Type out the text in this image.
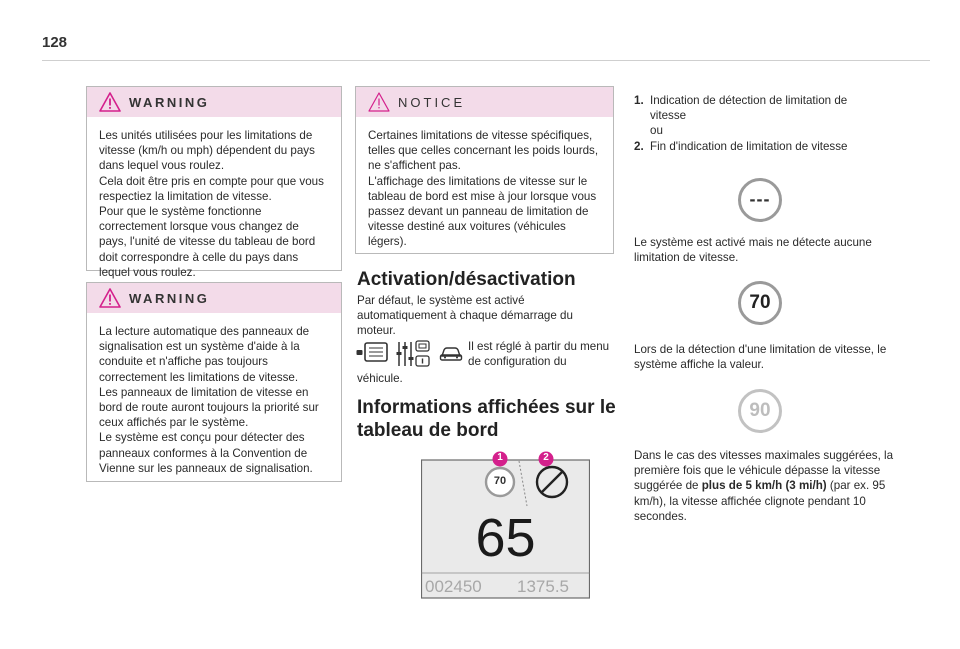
128
WARNING

Les unités utilisées pour les limitations de vitesse (km/h ou mph) dépendent du pays dans lequel vous roulez.

Cela doit être pris en compte pour que vous respectiez la limitation de vitesse.

Pour que le système fonctionne correctement lorsque vous changez de pays, l'unité de vitesse du tableau de bord doit correspondre à celle du pays dans lequel vous roulez.

WARNING

La lecture automatique des panneaux de signalisation est un système d'aide à la conduite et n'affiche pas toujours correctement les limitations de vitesse.

Les panneaux de limitation de vitesse en bord de route auront toujours la priorité sur ceux affichés par le système.

Le système est conçu pour détecter des panneaux conformes à la Convention de Vienne sur les panneaux de signalisation.

NOTICE

Certaines limitations de vitesse spécifiques, telles que celles concernant les poids lourds, ne s'affichent pas.

L'affichage des limitations de vitesse sur le tableau de bord est mise à jour lorsque vous passez devant un panneau de limitation de vitesse destiné aux voitures (véhicules légers).

Activation/désactivation

Par défaut, le système est activé automatiquement à chaque démarrage du moteur.

Il est réglé à partir du menu de configuration du

véhicule.

Informations affichées sur le
tableau de bord
1	2
70
65
002450 1375.5
1. Indication de détection de limitation de vitesse
ou
2. Fin d'indication de limitation de vitesse
---

Le système est activé mais ne détecte aucune limitation de vitesse.

70

Lors de la détection d'une limitation de vitesse, le système affiche la valeur.

90

Dans le cas des vitesses maximales suggérées, la première fois que le véhicule dépasse la vitesse suggérée de plus de 5 km/h (3 mi/h) (par ex. 95 km/h), la vitesse affichée clignote pendant 10 secondes.
